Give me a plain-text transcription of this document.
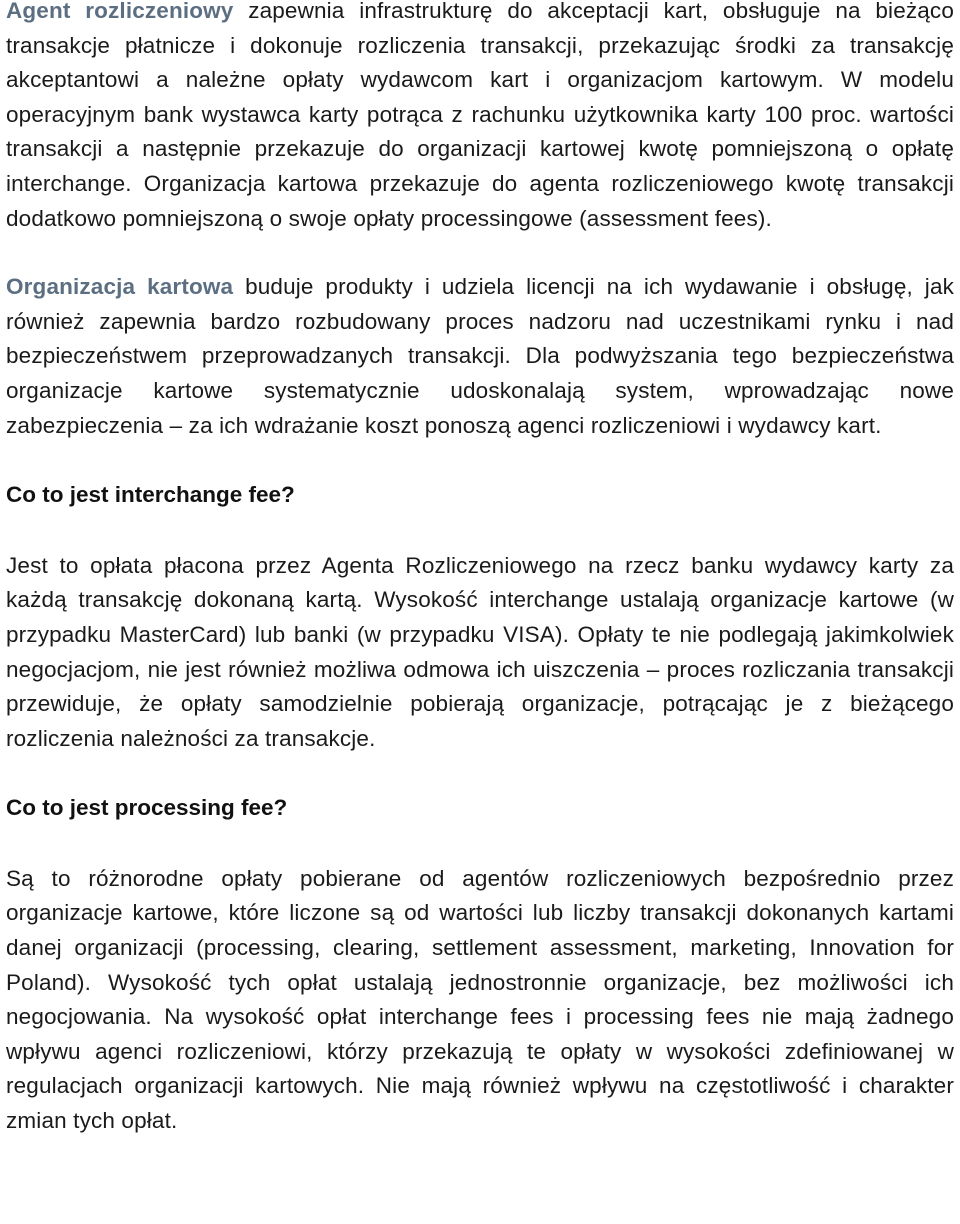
Agent rozliczeniowy zapewnia infrastrukturę do akceptacji kart, obsługuje na bieżąco transakcje płatnicze i dokonuje rozliczenia transakcji, przekazując środki za transakcję akceptantowi a należne opłaty wydawcom kart i organizacjom kartowym. W modelu operacyjnym bank wystawca karty potrąca z rachunku użytkownika karty 100 proc. wartości transakcji a następnie przekazuje do organizacji kartowej kwotę pomniejszoną o opłatę interchange. Organizacja kartowa przekazuje do agenta rozliczeniowego kwotę transakcji dodatkowo pomniejszoną o swoje opłaty processingowe (assessment fees).

Organizacja kartowa buduje produkty i udziela licencji na ich wydawanie i obsługę, jak również zapewnia bardzo rozbudowany proces nadzoru nad uczestnikami rynku i nad bezpieczeństwem przeprowadzanych transakcji. Dla podwyższania tego bezpieczeństwa organizacje kartowe systematycznie udoskonalają system, wprowadzając nowe zabezpieczenia – za ich wdrażanie koszt ponoszą agenci rozliczeniowi i wydawcy kart.

Co to jest interchange fee?

Jest to opłata płacona przez Agenta Rozliczeniowego na rzecz banku wydawcy karty za każdą transakcję dokonaną kartą. Wysokość interchange ustalają organizacje kartowe (w przypadku MasterCard) lub banki (w przypadku VISA). Opłaty te nie podlegają jakimkolwiek negocjacjom, nie jest również możliwa odmowa ich uiszczenia – proces rozliczania transakcji przewiduje, że opłaty samodzielnie pobierają organizacje, potrącając je z bieżącego rozliczenia należności za transakcje.

Co to jest processing fee?

Są to różnorodne opłaty pobierane od agentów rozliczeniowych bezpośrednio przez organizacje kartowe, które liczone są od wartości lub liczby transakcji dokonanych kartami danej organizacji (processing, clearing, settlement assessment, marketing, Innovation for Poland). Wysokość tych opłat ustalają jednostronnie organizacje, bez możliwości ich negocjowania. Na wysokość opłat interchange fees i processing fees nie mają żadnego wpływu agenci rozliczeniowi, którzy przekazują te opłaty w wysokości zdefiniowanej w regulacjach organizacji kartowych. Nie mają również wpływu na częstotliwość i charakter zmian tych opłat.
